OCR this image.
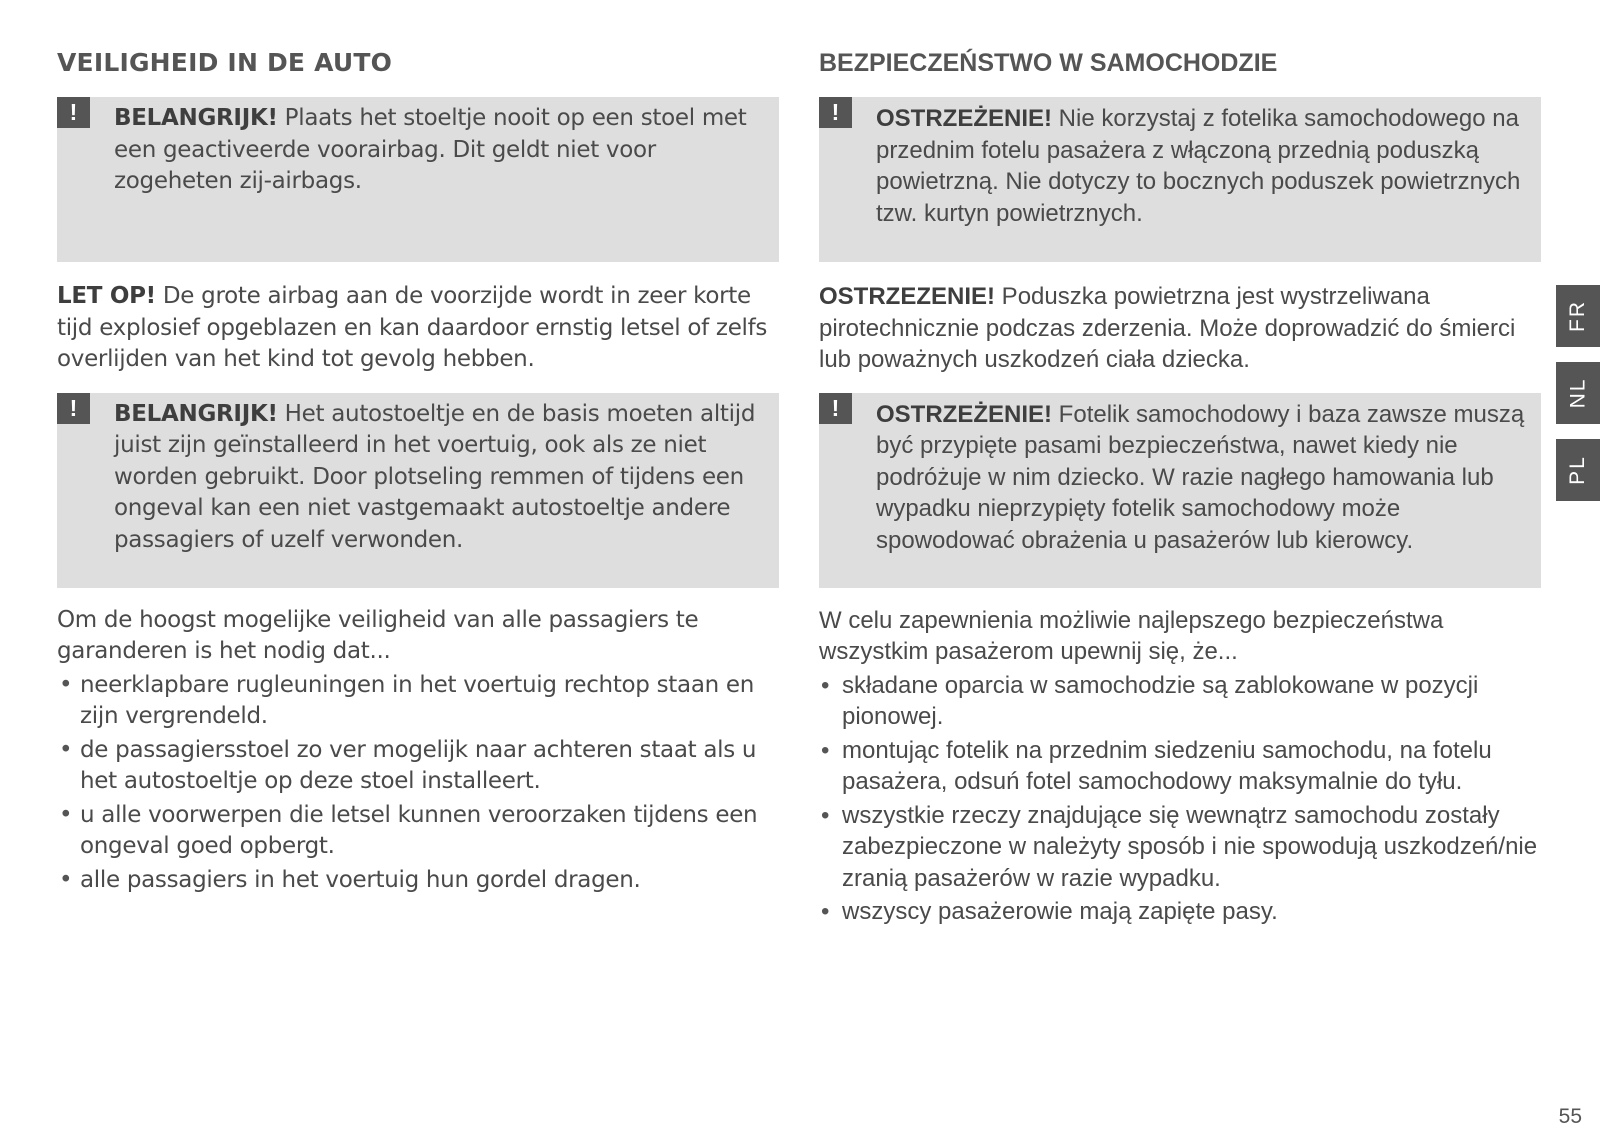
VEILIGHEID IN DE AUTO
!	BELANGRIJK! Plaats het stoeltje nooit op een stoel met een geactiveerde voorairbag. Dit geldt niet voor zogeheten zij-airbags.

LET OP! De grote airbag aan de voorzijde wordt in zeer korte tijd explosief opgeblazen en kan daardoor ernstig letsel of zelfs overlijden van het kind tot gevolg hebben.

!	BELANGRIJK! Het autostoeltje en de basis moeten altijd juist zijn geïnstalleerd in het voertuig, ook als ze niet worden gebruikt. Door plotseling remmen of tijdens een ongeval kan een niet vastgemaakt autostoeltje andere passagiers of uzelf verwonden.

Om de hoogst mogelijke veiligheid van alle passagiers te garanderen is het nodig dat...

• neerklapbare rugleuningen in het voertuig rechtop staan en zijn vergrendeld.
• de passagiersstoel zo ver mogelijk naar achteren staat als u het autostoeltje op deze stoel installeert.
• u alle voorwerpen die letsel kunnen veroorzaken tijdens een ongeval goed opbergt.
• alle passagiers in het voertuig hun gordel dragen.
BEZPIECZEŃSTWO W SAMOCHODZIE
!	OSTRZEŻENIE! Nie korzystaj z fotelika samochodowego na przednim fotelu pasażera z włączoną przednią poduszką powietrzną. Nie dotyczy to bocznych poduszek powietrznych tzw. kurtyn powietrznych.

OSTRZEZENIE! Poduszka powietrzna jest wystrzeliwana pirotechnicznie podczas zderzenia. Może doprowadzić do śmierci lub poważnych uszkodzeń ciała dziecka.

!	OSTRZEŻENIE! Fotelik samochodowy i baza zawsze muszą być przypięte pasami bezpieczeństwa, nawet kiedy nie podróżuje w nim dziecko. W razie nagłego hamowania lub wypadku nieprzypięty fotelik samochodowy może spowodować obrażenia u pasażerów lub kierowcy.

W celu zapewnienia możliwie najlepszego bezpieczeństwa wszystkim pasażerom upewnij się, że...

• składane oparcia w samochodzie są zablokowane w pozycji pionowej.
• montując fotelik na przednim siedzeniu samochodu, na fotelu pasażera, odsuń fotel samochodowy maksymalnie do tyłu.
• wszystkie rzeczy znajdujące się wewnątrz samochodu zostały zabezpieczone w należyty sposób i nie spowodują uszkodzeń/nie zranią pasażerów w razie wypadku.
• wszyscy pasażerowie mają zapięte pasy.
FR
NL
PL
55
